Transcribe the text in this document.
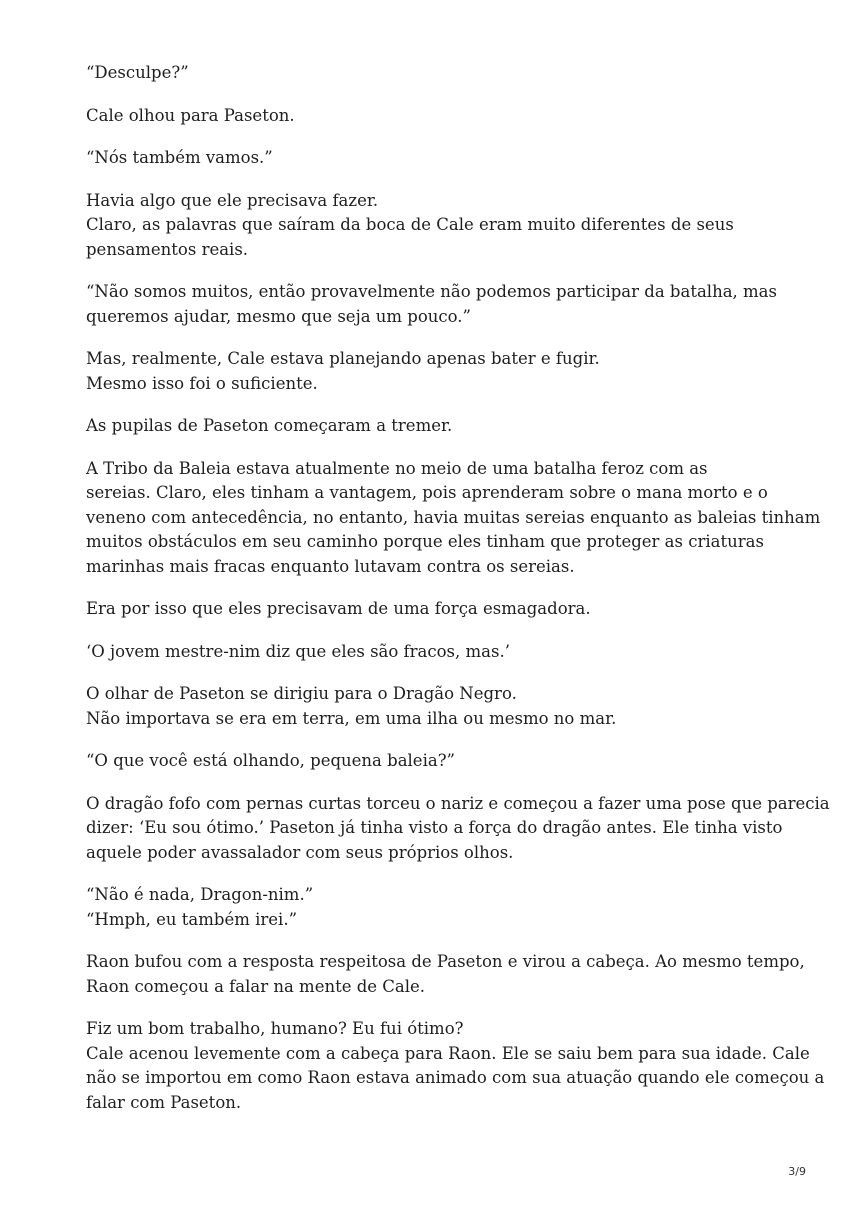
“Desculpe?”

Cale olhou para Paseton.

“Nós também vamos.”

Havia algo que ele precisava fazer.
Claro, as palavras que saíram da boca de Cale eram muito diferentes de seus
pensamentos reais.

“Não somos muitos, então provavelmente não podemos participar da batalha, mas
queremos ajudar, mesmo que seja um pouco.”

Mas, realmente, Cale estava planejando apenas bater e fugir.
Mesmo isso foi o suficiente.

As pupilas de Paseton começaram a tremer.

A Tribo da Baleia estava atualmente no meio de uma batalha feroz com as
sereias. Claro, eles tinham a vantagem, pois aprenderam sobre o mana morto e o
veneno com antecedência, no entanto, havia muitas sereias enquanto as baleias tinham
muitos obstáculos em seu caminho porque eles tinham que proteger as criaturas
marinhas mais fracas enquanto lutavam contra os sereias.

Era por isso que eles precisavam de uma força esmagadora.

‘O jovem mestre-nim diz que eles são fracos, mas.’

O olhar de Paseton se dirigiu para o Dragão Negro.
Não importava se era em terra, em uma ilha ou mesmo no mar.

“O que você está olhando, pequena baleia?”

O dragão fofo com pernas curtas torceu o nariz e começou a fazer uma pose que parecia
dizer: ‘Eu sou ótimo.’ Paseton já tinha visto a força do dragão antes. Ele tinha visto
aquele poder avassalador com seus próprios olhos.

“Não é nada, Dragon-nim.”
“Hmph, eu também irei.”

Raon bufou com a resposta respeitosa de Paseton e virou a cabeça. Ao mesmo tempo,
Raon começou a falar na mente de Cale.

Fiz um bom trabalho, humano? Eu fui ótimo?
Cale acenou levemente com a cabeça para Raon. Ele se saiu bem para sua idade. Cale
não se importou em como Raon estava animado com sua atuação quando ele começou a
falar com Paseton.

3/9
